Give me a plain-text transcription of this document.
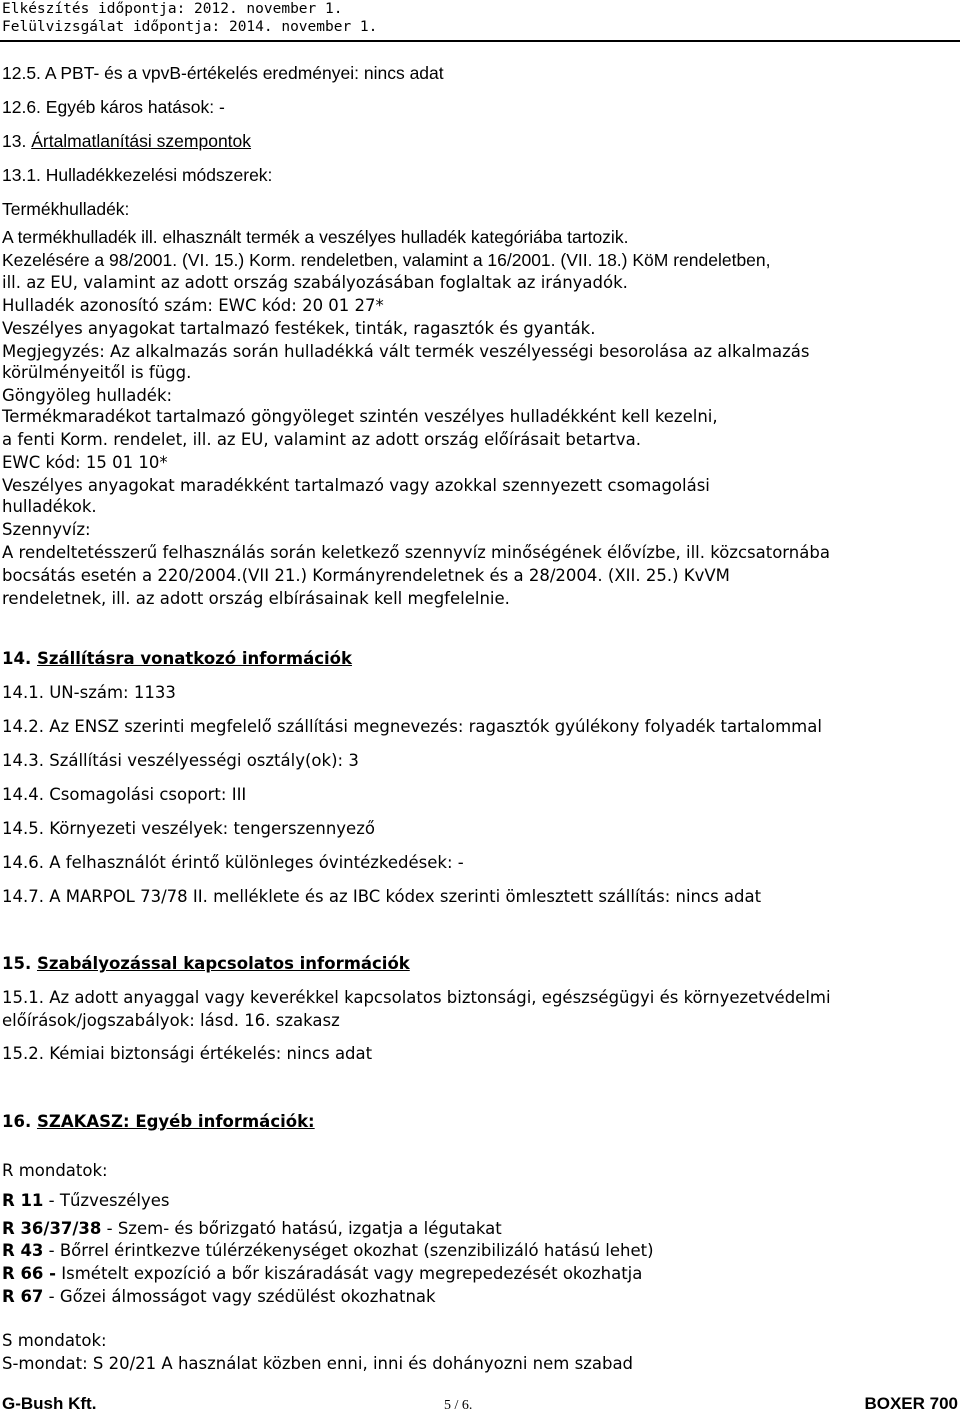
Elkészítés időpontja: 2012. november 1.
Felülvizsgálat időpontja: 2014. november 1.
12.5. A PBT- és a vpvB-értékelés eredményei: nincs adat
12.6. Egyéb káros hatások: -
13. Ártalmatlanítási szempontok
13.1. Hulladékkezelési módszerek:
Termékhulladék:
A termékhulladék ill. elhasznált termék a veszélyes hulladék kategóriába tartozik.
Kezelésére a 98/2001. (VI. 15.) Korm. rendeletben, valamint a 16/2001. (VII. 18.) KöM rendeletben,
ill. az EU, valamint az adott ország szabályozásában foglaltak az irányadók.
Hulladék azonosító szám: EWC kód: 20 01 27*
Veszélyes anyagokat tartalmazó festékek, tinták, ragasztók és gyanták.
Megjegyzés: Az alkalmazás során hulladékká vált termék veszélyességi besorolása az alkalmazás
körülményeitől is függ.
Göngyöleg hulladék:
Termékmaradékot tartalmazó göngyöleget szintén veszélyes hulladékként kell kezelni,
a fenti Korm. rendelet, ill. az EU, valamint az adott ország előírásait betartva.
EWC kód: 15 01 10*
Veszélyes anyagokat maradékként tartalmazó vagy azokkal szennyezett csomagolási
hulladékok.
Szennyvíz:
A rendeltetésszerű felhasználás során keletkező szennyvíz minőségének élővízbe, ill. közcsatornába
bocsátás esetén a 220/2004.(VII 21.) Kormányrendeletnek és a 28/2004. (XII. 25.) KvVM
rendeletnek, ill. az adott ország elbírásainak kell megfelelnie.
14. Szállításra vonatkozó információk
14.1. UN-szám: 1133
14.2. Az ENSZ szerinti megfelelő szállítási megnevezés: ragasztók gyúlékony folyadék tartalommal
14.3. Szállítási veszélyességi osztály(ok): 3
14.4. Csomagolási csoport: III
14.5. Környezeti veszélyek: tengerszennyező
14.6. A felhasználót érintő különleges óvintézkedések: -
14.7. A MARPOL 73/78 II. melléklete és az IBC kódex szerinti ömlesztett szállítás: nincs adat
15. Szabályozással kapcsolatos információk
15.1. Az adott anyaggal vagy keverékkel kapcsolatos biztonsági, egészségügyi és környezetvédelmi
előírások/jogszabályok: lásd. 16. szakasz
15.2. Kémiai biztonsági értékelés: nincs adat
16. SZAKASZ: Egyéb információk:
R mondatok:
R 11 - Tűzveszélyes
R 36/37/38 - Szem- és bőrizgató hatású, izgatja a légutakat
R 43 - Bőrrel érintkezve túlérzékenységet okozhat (szenzibilizáló hatású lehet)
R 66 - Ismételt expozíció a bőr kiszáradását vagy megrepedezését okozhatja
R 67 - Gőzei álmosságot vagy szédülést okozhatnak
S mondatok:
S-mondat: S 20/21 A használat közben enni, inni és dohányozni nem szabad
G-Bush Kft.	5 / 6.	BOXER 700
